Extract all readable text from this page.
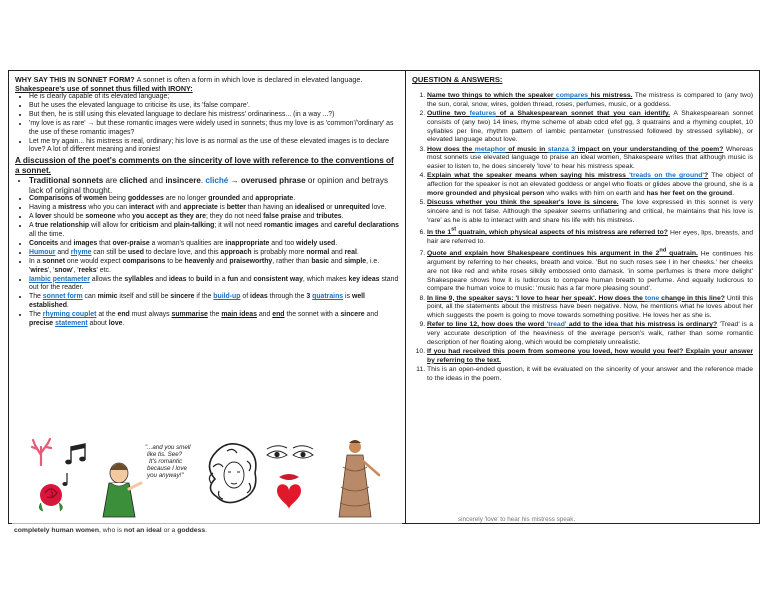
WHY SAY THIS IN SONNET FORM? A sonnet is often a form in which love is declared in elevated language.
Shakespeare's use of sonnet thus filled with IRONY:
• He is clearly capable of its elevated language;
• But he uses the elevated language to criticise its use, its 'false compare'.
• But then, he is still using this elevated language to declare his mistress' ordinariness... (in a way ...?)
• 'my love is as rare' → but these romantic images were widely used in sonnets; thus my love is as 'common'/'ordinary' as the use of these romantic images?
• Let me try again... his mistress is real, ordinary; his love is as normal as the use of these elevated images is to declare love? A lot of different meaning and ironies!
A discussion of the poet's comments on the sincerity of love with reference to the conventions of a sonnet.
• Traditional sonnets are cliched and insincere. cliché → overused phrase or opinion and betrays lack of original thought.
• Comparisons of women being goddesses are no longer grounded and appropriate.
• Having a mistress who you can interact with and appreciate is better than having an idealised or unrequited love.
• A lover should be someone who you accept as they are; they do not need false praise and tributes.
• A true relationship will allow for criticism and plain-talking; it will not need romantic images and careful declarations all the time.
• Conceits and images that over-praise a woman's qualities are inappropriate and too widely used.
• Humour and rhyme can still be used to declare love, and this approach is probably more normal and real.
• In a sonnet one would expect comparisons to be heavenly and praiseworthy, rather than basic and simple, i.e. 'wires', 'snow', 'reeks' etc.
• Iambic pentameter allows the syllables and ideas to build in a fun and consistent way, which makes key ideas stand out for the reader.
• The sonnet form can mimic itself and still be sincere if the build-up of ideas through the 3 quatrains is well established.
• The rhyming couplet at the end must always summarise the main ideas and end the sonnet with a sincere and precise statement about love.
"...and you smell like tis. See? It's romantic because I love you anyway!"
QUESTION & ANSWERS:
1. Name two things to which the speaker compares his mistress. The mistress is compared to (any two) the sun, coral, snow, wires, golden thread, roses, perfumes, music, or a goddess.
2. Outline two features of a Shakespearean sonnet that you can identify. A Shakespearean sonnet consists of (any two) 14 lines, rhyme scheme of abab cdcd efef gg, 3 quatrains and a rhyming couplet, 10 syllables per line, rhythm pattern of iambic pentameter (unstressed followed by stressed syllable), or elevated language about love.
3. How does the metaphor of music in stanza 3 impact on your understanding of the poem? Whereas most sonnets use elevated language to praise an ideal women, Shakespeare writes that although music is easier to listen to, he does sincerely 'love' to hear his mistress speak.
4. Explain what the speaker means when saying his mistress 'treads on the ground'? The object of affection for the speaker is not an elevated goddess or angel who floats or glides above the ground, she is a more grounded and physical person who walks with him on earth and has her feet on the ground.
5. Discuss whether you think the speaker's love is sincere. The love expressed in this sonnet is very sincere and is not false. Although the speaker seems unflattering and critical, he maintains that his love is 'rare' as he is able to interact with and share his life with his mistress.
6. In the 1st quatrain, which physical aspects of his mistress are referred to? Her eyes, lips, breasts, and hair are referred to.
7. Quote and explain how Shakespeare continues his argument in the 2nd quatrain. He continues his argument by referring to her cheeks, breath and voice. 'But no such roses see I in her cheeks.' her cheeks are not like red and white roses silkily embossed onto damask. 'in some perfumes is there more delight' Shakespeare shows how it is ludicrous to compare human breath to perfume. And equally ludicrous to compare the human voice to music: 'music has a far more pleasing sound'.
8. In line 9, the speaker says: 'I love to hear her speak'. How does the tone change in this line? Until this point, all the statements about the mistress have been negative. Now, he mentions what he loves about her which suggests the poem is going to move towards something positive. He loves her as she is.
9. Refer to line 12, how does the word 'tread' add to the idea that his mistress is ordinary? 'Tread' is a very accurate description of the heaviness of the average person's walk, rather than some romantic description of her floating along, which would be completely unrealistic.
10. If you had received this poem from someone you loved, how would you feel? Explain your answer by referring to the text.
11. This is an open-ended question, it will be evaluated on the sincerity of your answer and the reference made to the ideas in the poem.
completely human women, who is not an ideal or a goddess.
sincerely 'love' to hear his mistress speak.
